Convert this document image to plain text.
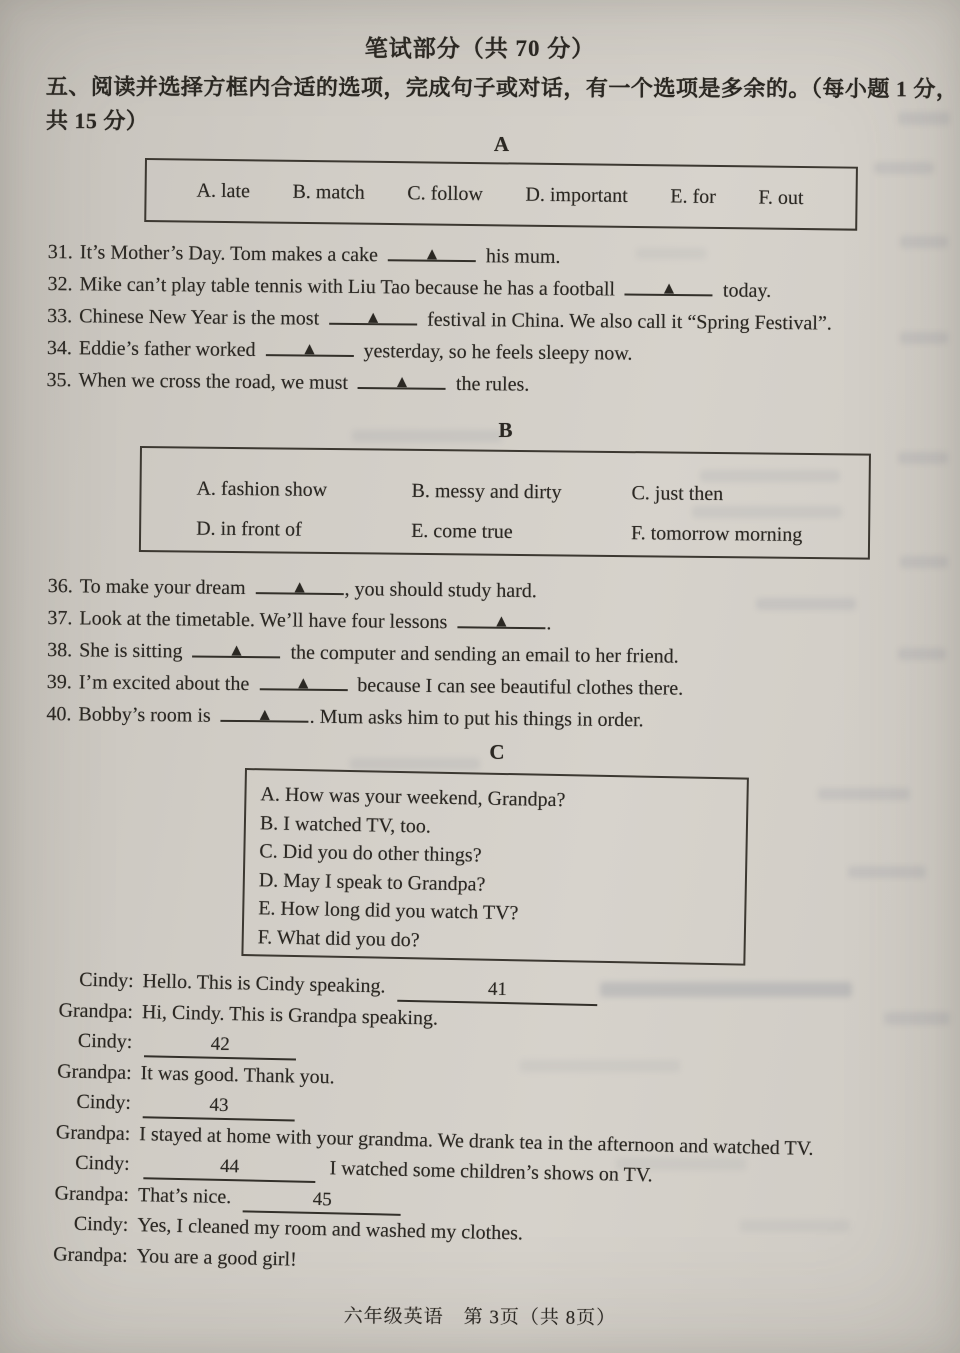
笔试部分（共 70 分）
五、阅读并选择方框内合适的选项，完成句子或对话，有一个选项是多余的。（每小题 1 分，
共 15 分）
A
A. late B. match C. follow D. important E. for F. out
31. It’s Mother’s Day. Tom makes a cake	▲ his mum.
32. Mike can’t play table tennis with Liu Tao because he has a football	▲ today.
33. Chinese New Year is the most	▲ festival in China. We also call it “Spring Festival”.
34. Eddie’s father worked	▲ yesterday, so he feels sleepy now.
35. When we cross the road, we must	▲ the rules.
B
A. fashion show	B. messy and dirty	C. just then
D. in front of	E. come true	F. tomorrow morning
36. To make your dream	▲ , you should study hard.
37. Look at the timetable. We’ll have four lessons	▲ .
38. She is sitting	▲ the computer and sending an email to her friend.
39. I’m excited about the	▲ because I can see beautiful clothes there.
40. Bobby’s room is	▲ . Mum asks him to put his things in order.
C
A. How was your weekend, Grandpa?
B. I watched TV, too.
C. Did you do other things?
D. May I speak to Grandpa?
E. How long did you watch TV?
F. What did you do?
Cindy: Hello. This is Cindy speaking.	41
Grandpa: Hi, Cindy. This is Grandpa speaking.
Cindy:	42
Grandpa: It was good. Thank you.
Cindy:	43
Grandpa: I stayed at home with your grandma. We drank tea in the afternoon and watched TV.
Cindy:	44	I watched some children’s shows on TV.
Grandpa: That’s nice.	45
Cindy: Yes, I cleaned my room and washed my clothes.
Grandpa: You are a good girl!
六年级英语　第 3页（共 8页）
